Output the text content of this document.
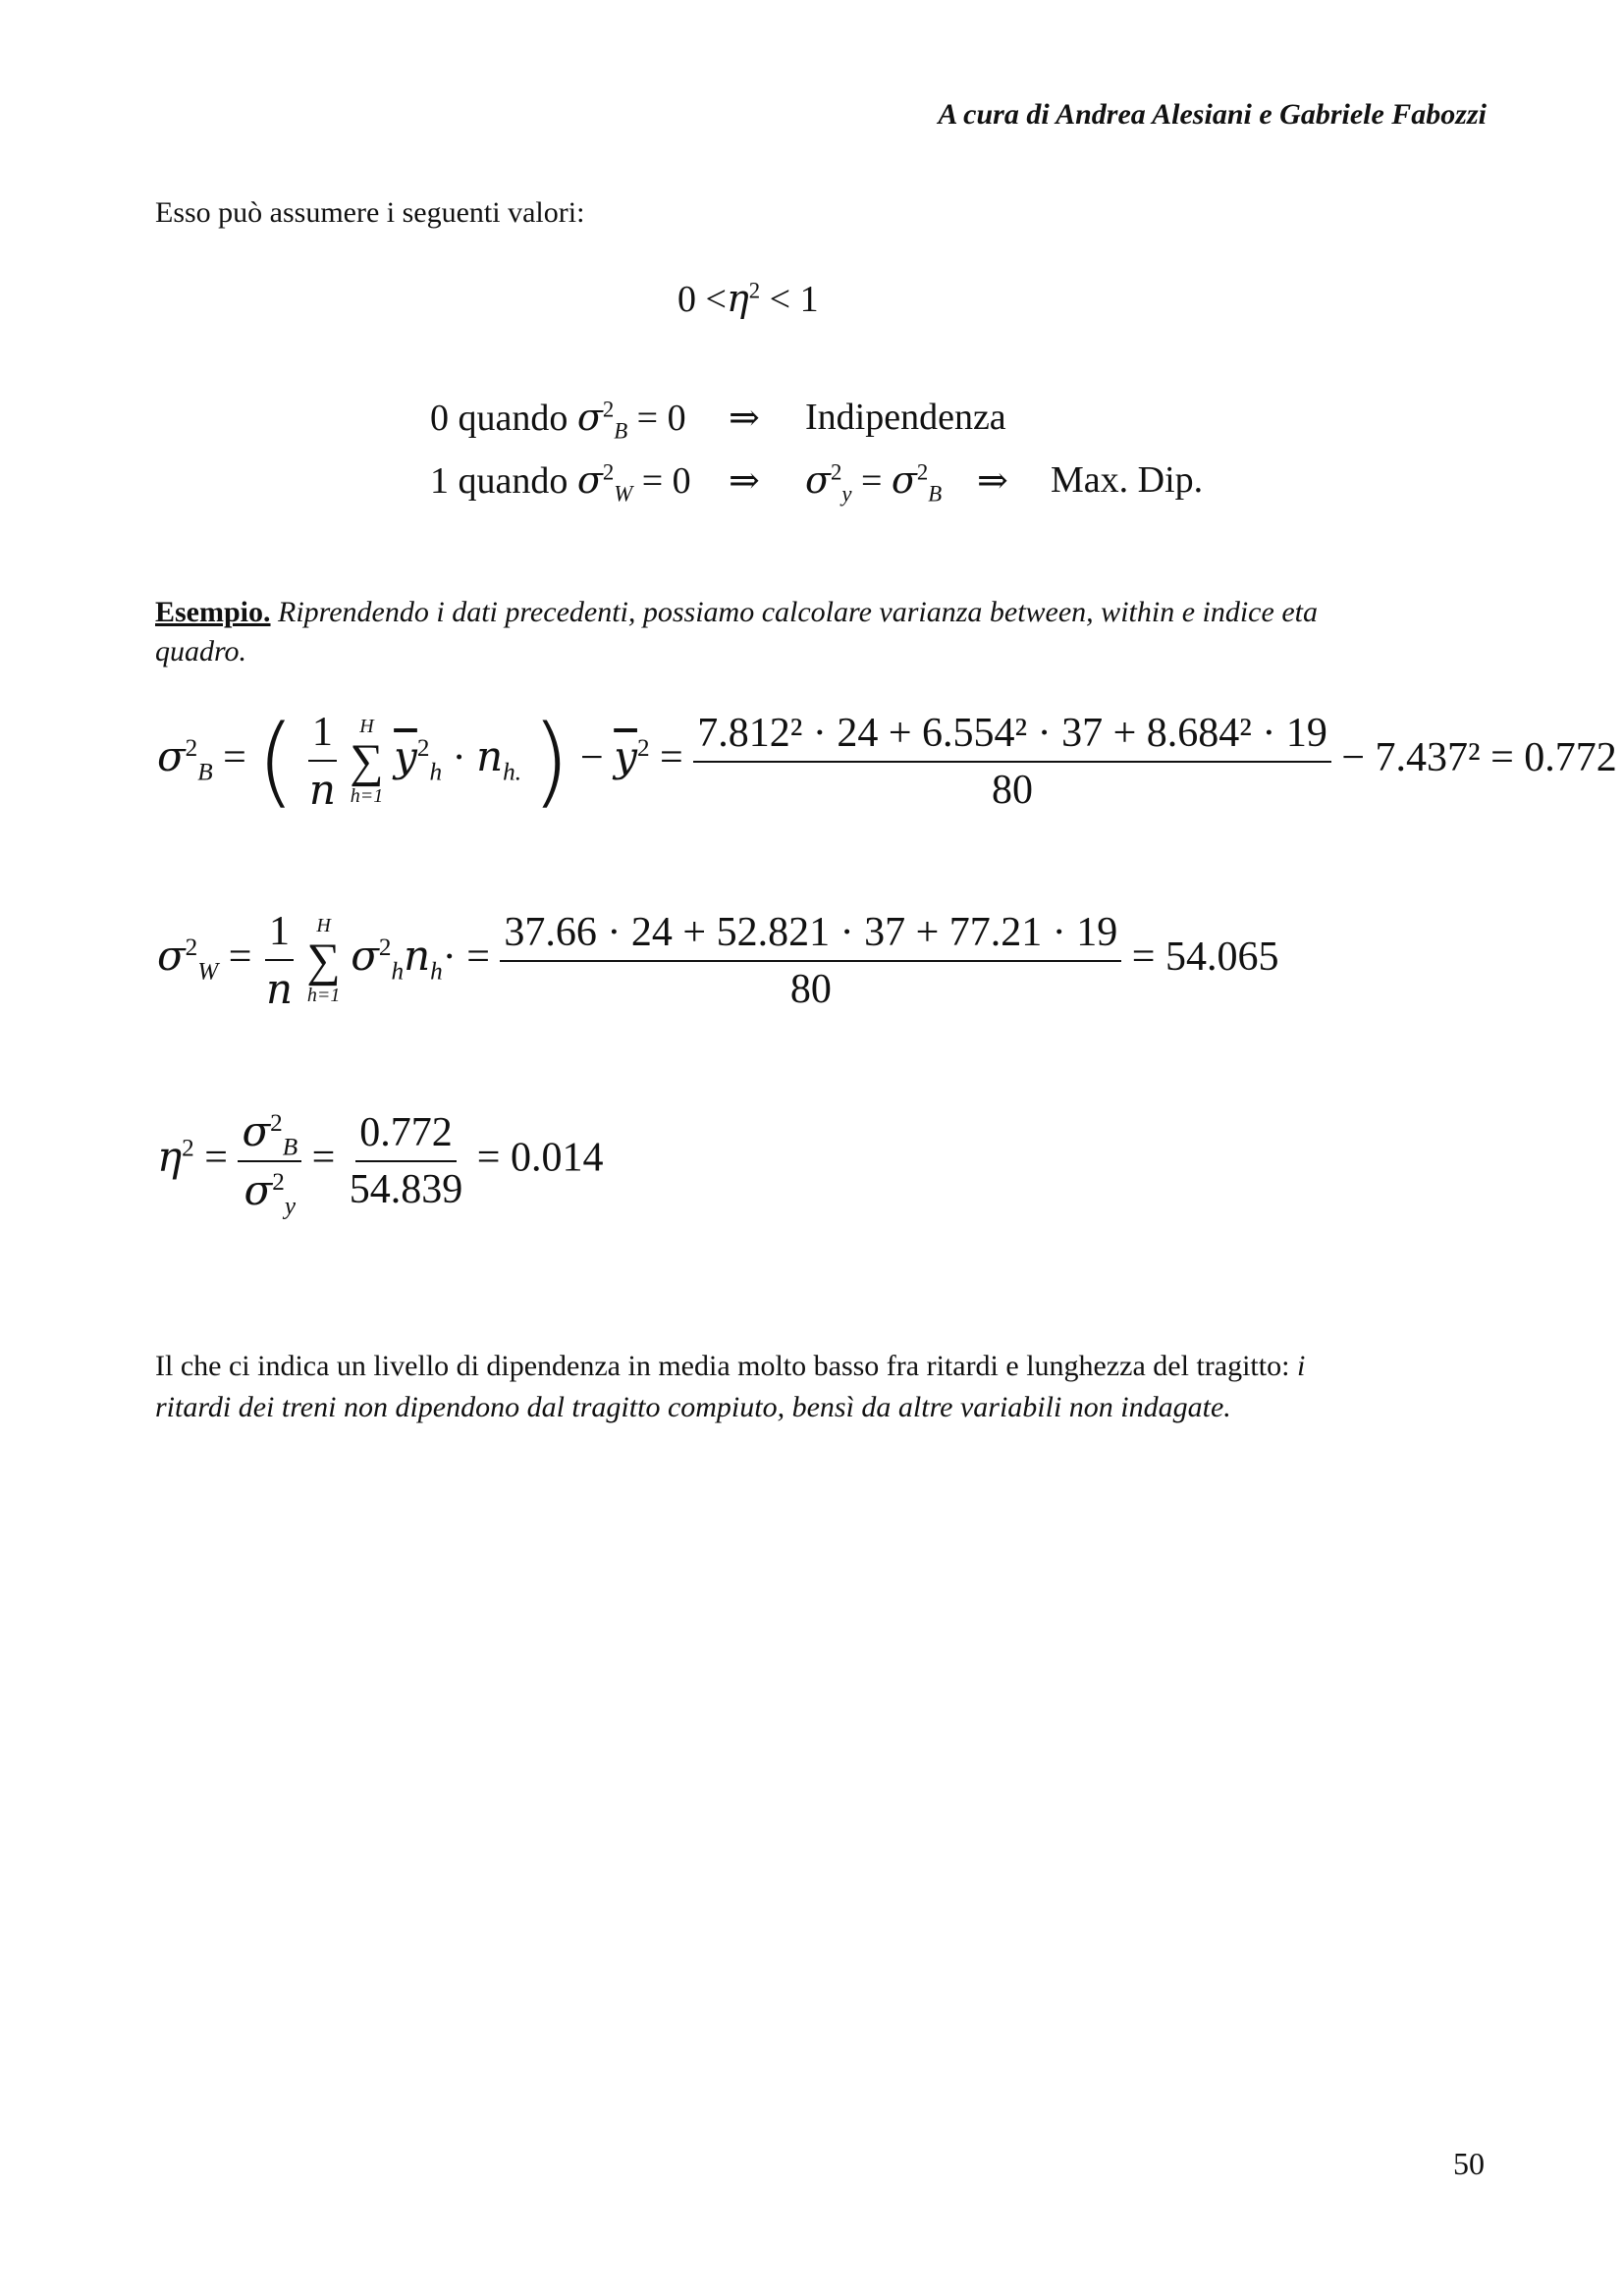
A cura di Andrea Alesiani e Gabriele Fabozzi
Esso può assumere i seguenti valori:
$0 <\eta^2 < 1$
0 quando $\sigma^2_B = 0$ ⇒ Indipendenza
1 quando $\sigma^2_W = 0$ ⇒ $\sigma^2_y = \sigma^2_B$ ⇒ Max. Dip.
Esempio. Riprendendo i dati precedenti, possiamo calcolare varianza between, within e indice eta
quadro.
$\sigma^2_B$ = ( $\frac{1}{n}$
H
∑
h=1
$\overline{y}^2_h \cdot n_{h.}$ ) − $\overline{y}^2 = \frac{\text{7.812² · 24 + 6.554² · 37 + 8.684² · 19}}{80} - 7.437^2 = 0.772$
$\sigma^2_W = \frac{1}{n}$
H
∑
h=1
$\sigma^2_hn_h\cdot = \frac{37.66 \cdot 24 + 52.821 \cdot 37 + 77.21 \cdot 19}{80} = 54.065$
$\eta^2 = \frac{\sigma^2_B}{\sigma^2_y} = \frac{0.772}{54.839} = 0.014$
Il che ci indica un livello di dipendenza in media molto basso fra ritardi e lunghezza del tragitto: i
ritardi dei treni non dipendono dal tragitto compiuto, bensì da altre variabili non indagate.
50
